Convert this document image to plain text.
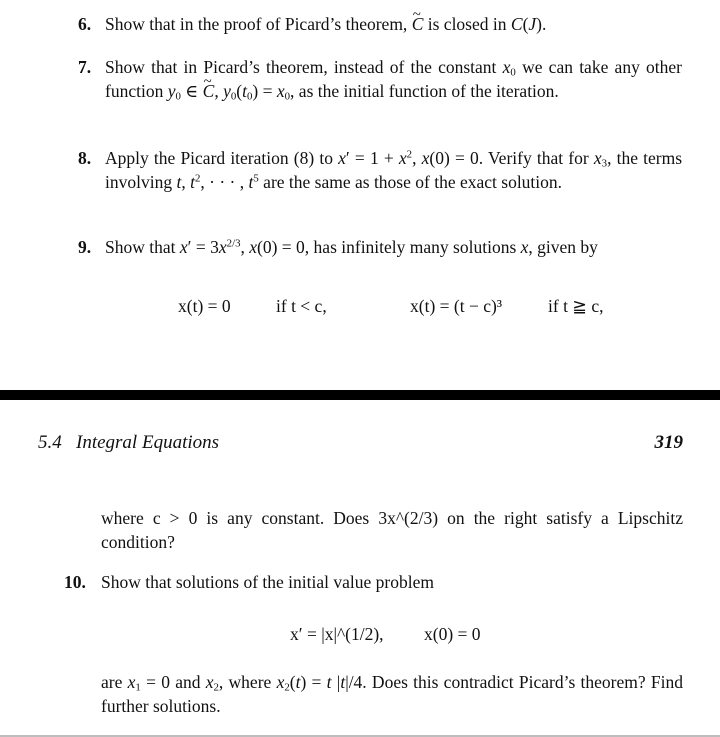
6. Show that in the proof of Picard’s theorem, ~ C is closed in C(J).
7. Show that in Picard’s theorem, instead of the constant $x_0$ we can take any other function $y_0$ ∈ ~ C, $y_0(t_0) = x_0$, as the initial function of the iteration.
8. Apply the Picard iteration (8) to $x' = 1 + x^2$, x(0) = 0. Verify that for $x_3$, the terms involving t, $t^2$, · · · , $t^5$ are the same as those of the exact solution.
9. Show that $x' = 3x^{2/3}$, x(0) = 0, has infinitely many solutions x, given by
x(t) = 0	if t < c,	x(t) = (t − c)³	if t ≧ c,
5.4   Integral Equations	319
where c > 0 is any constant. Does 3x^(2/3) on the right satisfy a Lipschitz condition?
10. Show that solutions of the initial value problem
x′ = |x|^(1/2), x(0) = 0
are $x_1 = 0$ and $x_2$, where $x_2(t) = t$ |t|/4. Does this contradict Picard’s theorem? Find further solutions.
